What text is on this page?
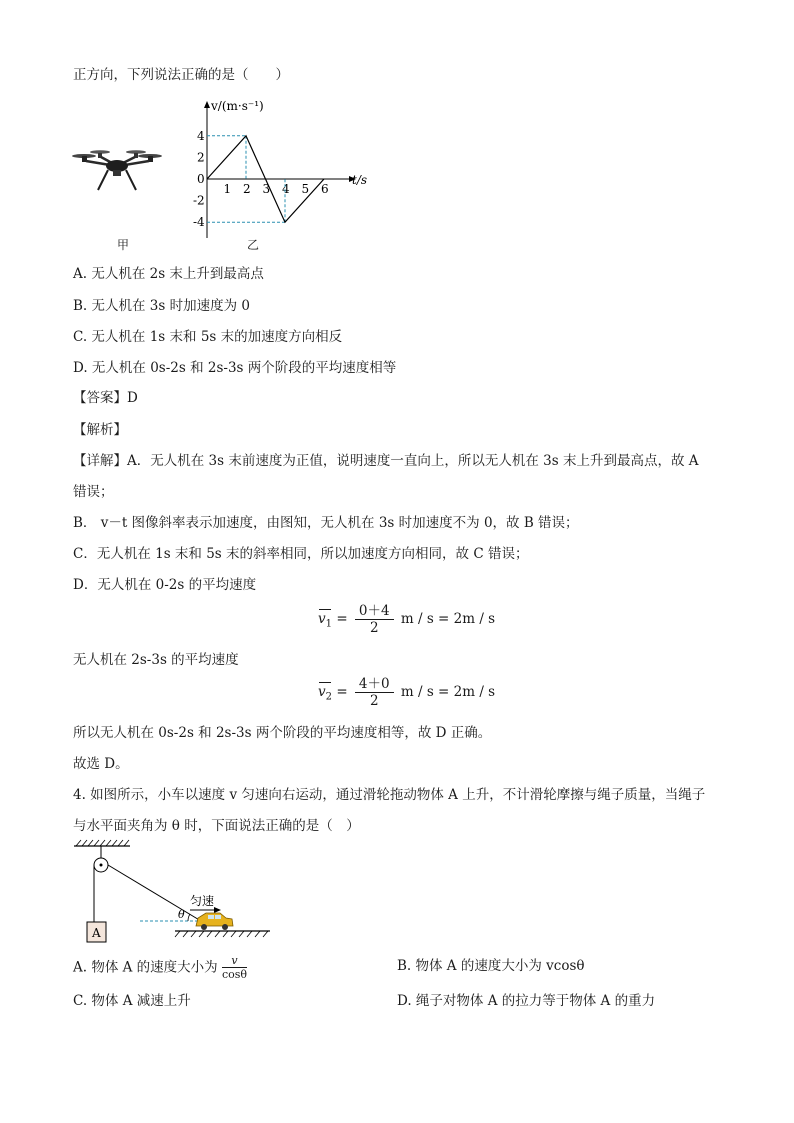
正方向，下列说法正确的是（　　）
甲
v/(m·s⁻¹)
t/s
1 2 3 4 5 6
4
2
0
-2
-4
乙
A. 无人机在 2s 末上升到最高点
B. 无人机在 3s 时加速度为 0
C. 无人机在 1s 末和 5s 末的加速度方向相反
D. 无人机在 0s-2s 和 2s-3s 两个阶段的平均速度相等
【答案】D
【解析】
【详解】A．无人机在 3s 末前速度为正值，说明速度一直向上，所以无人机在 3s 末上升到最高点，故 A
错误；
B． v－t 图像斜率表示加速度，由图知，无人机在 3s 时加速度不为 0，故 B 错误；
C．无人机在 1s 末和 5s 末的斜率相同，所以加速度方向相同，故 C 错误；
D．无人机在 0-2s 的平均速度
$v_1 = \frac{0+4}{2}$ m / s = 2m / s
无人机在 2s-3s 的平均速度
$v_2 = \frac{4+0}{2}$ m / s = 2m / s
所以无人机在 0s-2s 和 2s-3s 两个阶段的平均速度相等，故 D 正确。
故选 D。
4. 如图所示，小车以速度 v 匀速向右运动，通过滑轮拖动物体 A 上升，不计滑轮摩擦与绳子质量，当绳子
与水平面夹角为 θ 时，下面说法正确的是（　）
A
θ
匀速
A. 物体 A 的速度大小为 $\frac{v}{\cos\theta}$	B. 物体 A 的速度大小为 vcosθ
C. 物体 A 减速上升	D. 绳子对物体 A 的拉力等于物体 A 的重力
